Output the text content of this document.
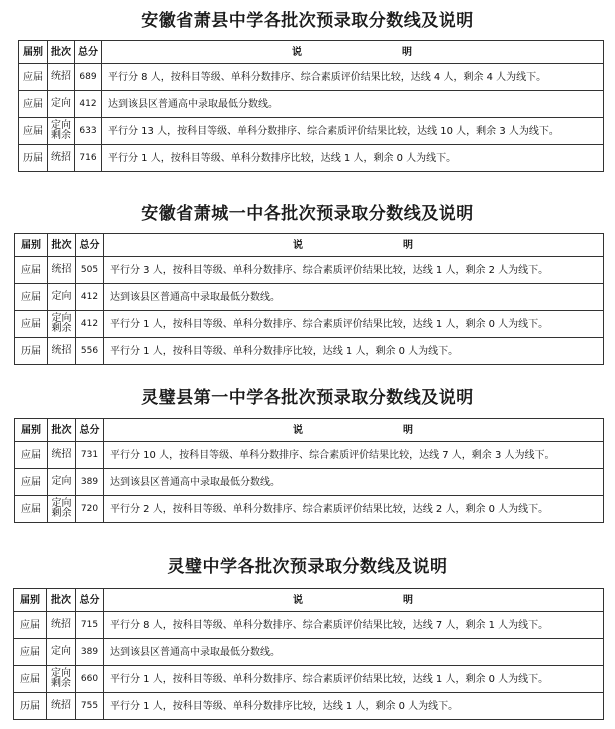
安徽省萧县中学各批次预录取分数线及说明
届别	批次	总分	说 明
应届	统招	689	平行分 8 人，按科目等级、单科分数排序、综合素质评价结果比较，达线 4 人，剩余 4 人为线下。
应届	定向	412	达到该县区普通高中录取最低分数线。
应届	定向剩余	633	平行分 13 人，按科目等级、单科分数排序、综合素质评价结果比较，达线 10 人，剩余 3 人为线下。
历届	统招	716	平行分 1 人，按科目等级、单科分数排序比较，达线 1 人，剩余 0 人为线下。
安徽省萧城一中各批次预录取分数线及说明
届别	批次	总分	说 明
应届	统招	505	平行分 3 人，按科目等级、单科分数排序、综合素质评价结果比较，达线 1 人，剩余 2 人为线下。
应届	定向	412	达到该县区普通高中录取最低分数线。
应届	定向剩余	412	平行分 1 人，按科目等级、单科分数排序、综合素质评价结果比较，达线 1 人，剩余 0 人为线下。
历届	统招	556	平行分 1 人，按科目等级、单科分数排序比较，达线 1 人，剩余 0 人为线下。
灵璧县第一中学各批次预录取分数线及说明
届别	批次	总分	说 明
应届	统招	731	平行分 10 人，按科目等级、单科分数排序、综合素质评价结果比较，达线 7 人，剩余 3 人为线下。
应届	定向	389	达到该县区普通高中录取最低分数线。
应届	定向剩余	720	平行分 2 人，按科目等级、单科分数排序、综合素质评价结果比较，达线 2 人，剩余 0 人为线下。
灵璧中学各批次预录取分数线及说明
届别	批次	总分	说 明
应届	统招	715	平行分 8 人，按科目等级、单科分数排序、综合素质评价结果比较，达线 7 人，剩余 1 人为线下。
应届	定向	389	达到该县区普通高中录取最低分数线。
应届	定向剩余	660	平行分 1 人，按科目等级、单科分数排序、综合素质评价结果比较，达线 1 人，剩余 0 人为线下。
历届	统招	755	平行分 1 人，按科目等级、单科分数排序比较，达线 1 人，剩余 0 人为线下。
